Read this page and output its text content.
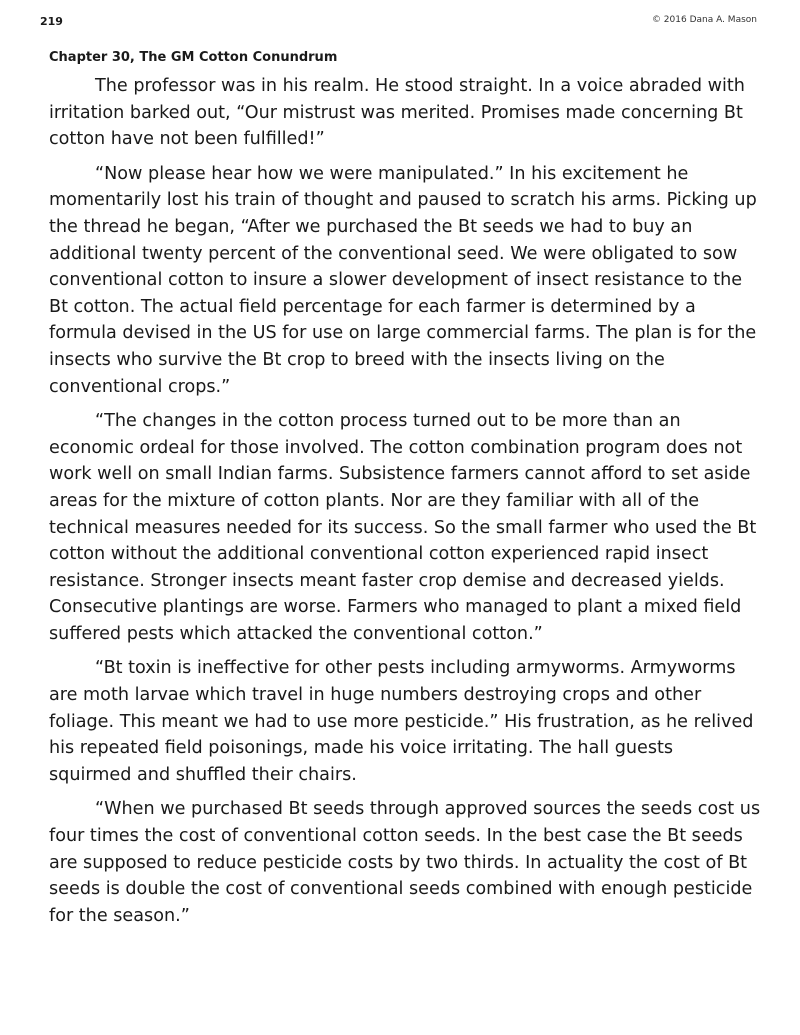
219	© 2016 Dana A. Mason
Chapter 30, The GM Cotton Conundrum

The professor was in his realm. He stood straight. In a voice abraded with irritation barked out, “Our mistrust was merited. Promises made concerning Bt cotton have not been fulfilled!”

“Now please hear how we were manipulated.” In his excitement he momentarily lost his train of thought and paused to scratch his arms. Picking up the thread he began, “After we purchased the Bt seeds we had to buy an additional twenty percent of the conventional seed. We were obligated to sow conventional cotton to insure a slower development of insect resistance to the Bt cotton. The actual field percentage for each farmer is determined by a formula devised in the US for use on large commercial farms. The plan is for the insects who survive the Bt crop to breed with the insects living on the conventional crops.”

“The changes in the cotton process turned out to be more than an economic ordeal for those involved. The cotton combination program does not work well on small Indian farms. Subsistence farmers cannot afford to set aside areas for the mixture of cotton plants. Nor are they familiar with all of the technical measures needed for its success. So the small farmer who used the Bt cotton without the additional conventional cotton experienced rapid insect resistance. Stronger insects meant faster crop demise and decreased yields. Consecutive plantings are worse. Farmers who managed to plant a mixed field suffered pests which attacked the conventional cotton.”

“Bt toxin is ineffective for other pests including armyworms. Armyworms are moth larvae which travel in huge numbers destroying crops and other foliage. This meant we had to use more pesticide.” His frustration, as he relived his repeated field poisonings, made his voice irritating. The hall guests squirmed and shuffled their chairs.

“When we purchased Bt seeds through approved sources the seeds cost us four times the cost of conventional cotton seeds. In the best case the Bt seeds are supposed to reduce pesticide costs by two thirds. In actuality the cost of Bt seeds is double the cost of conventional seeds combined with enough pesticide for the season.”
